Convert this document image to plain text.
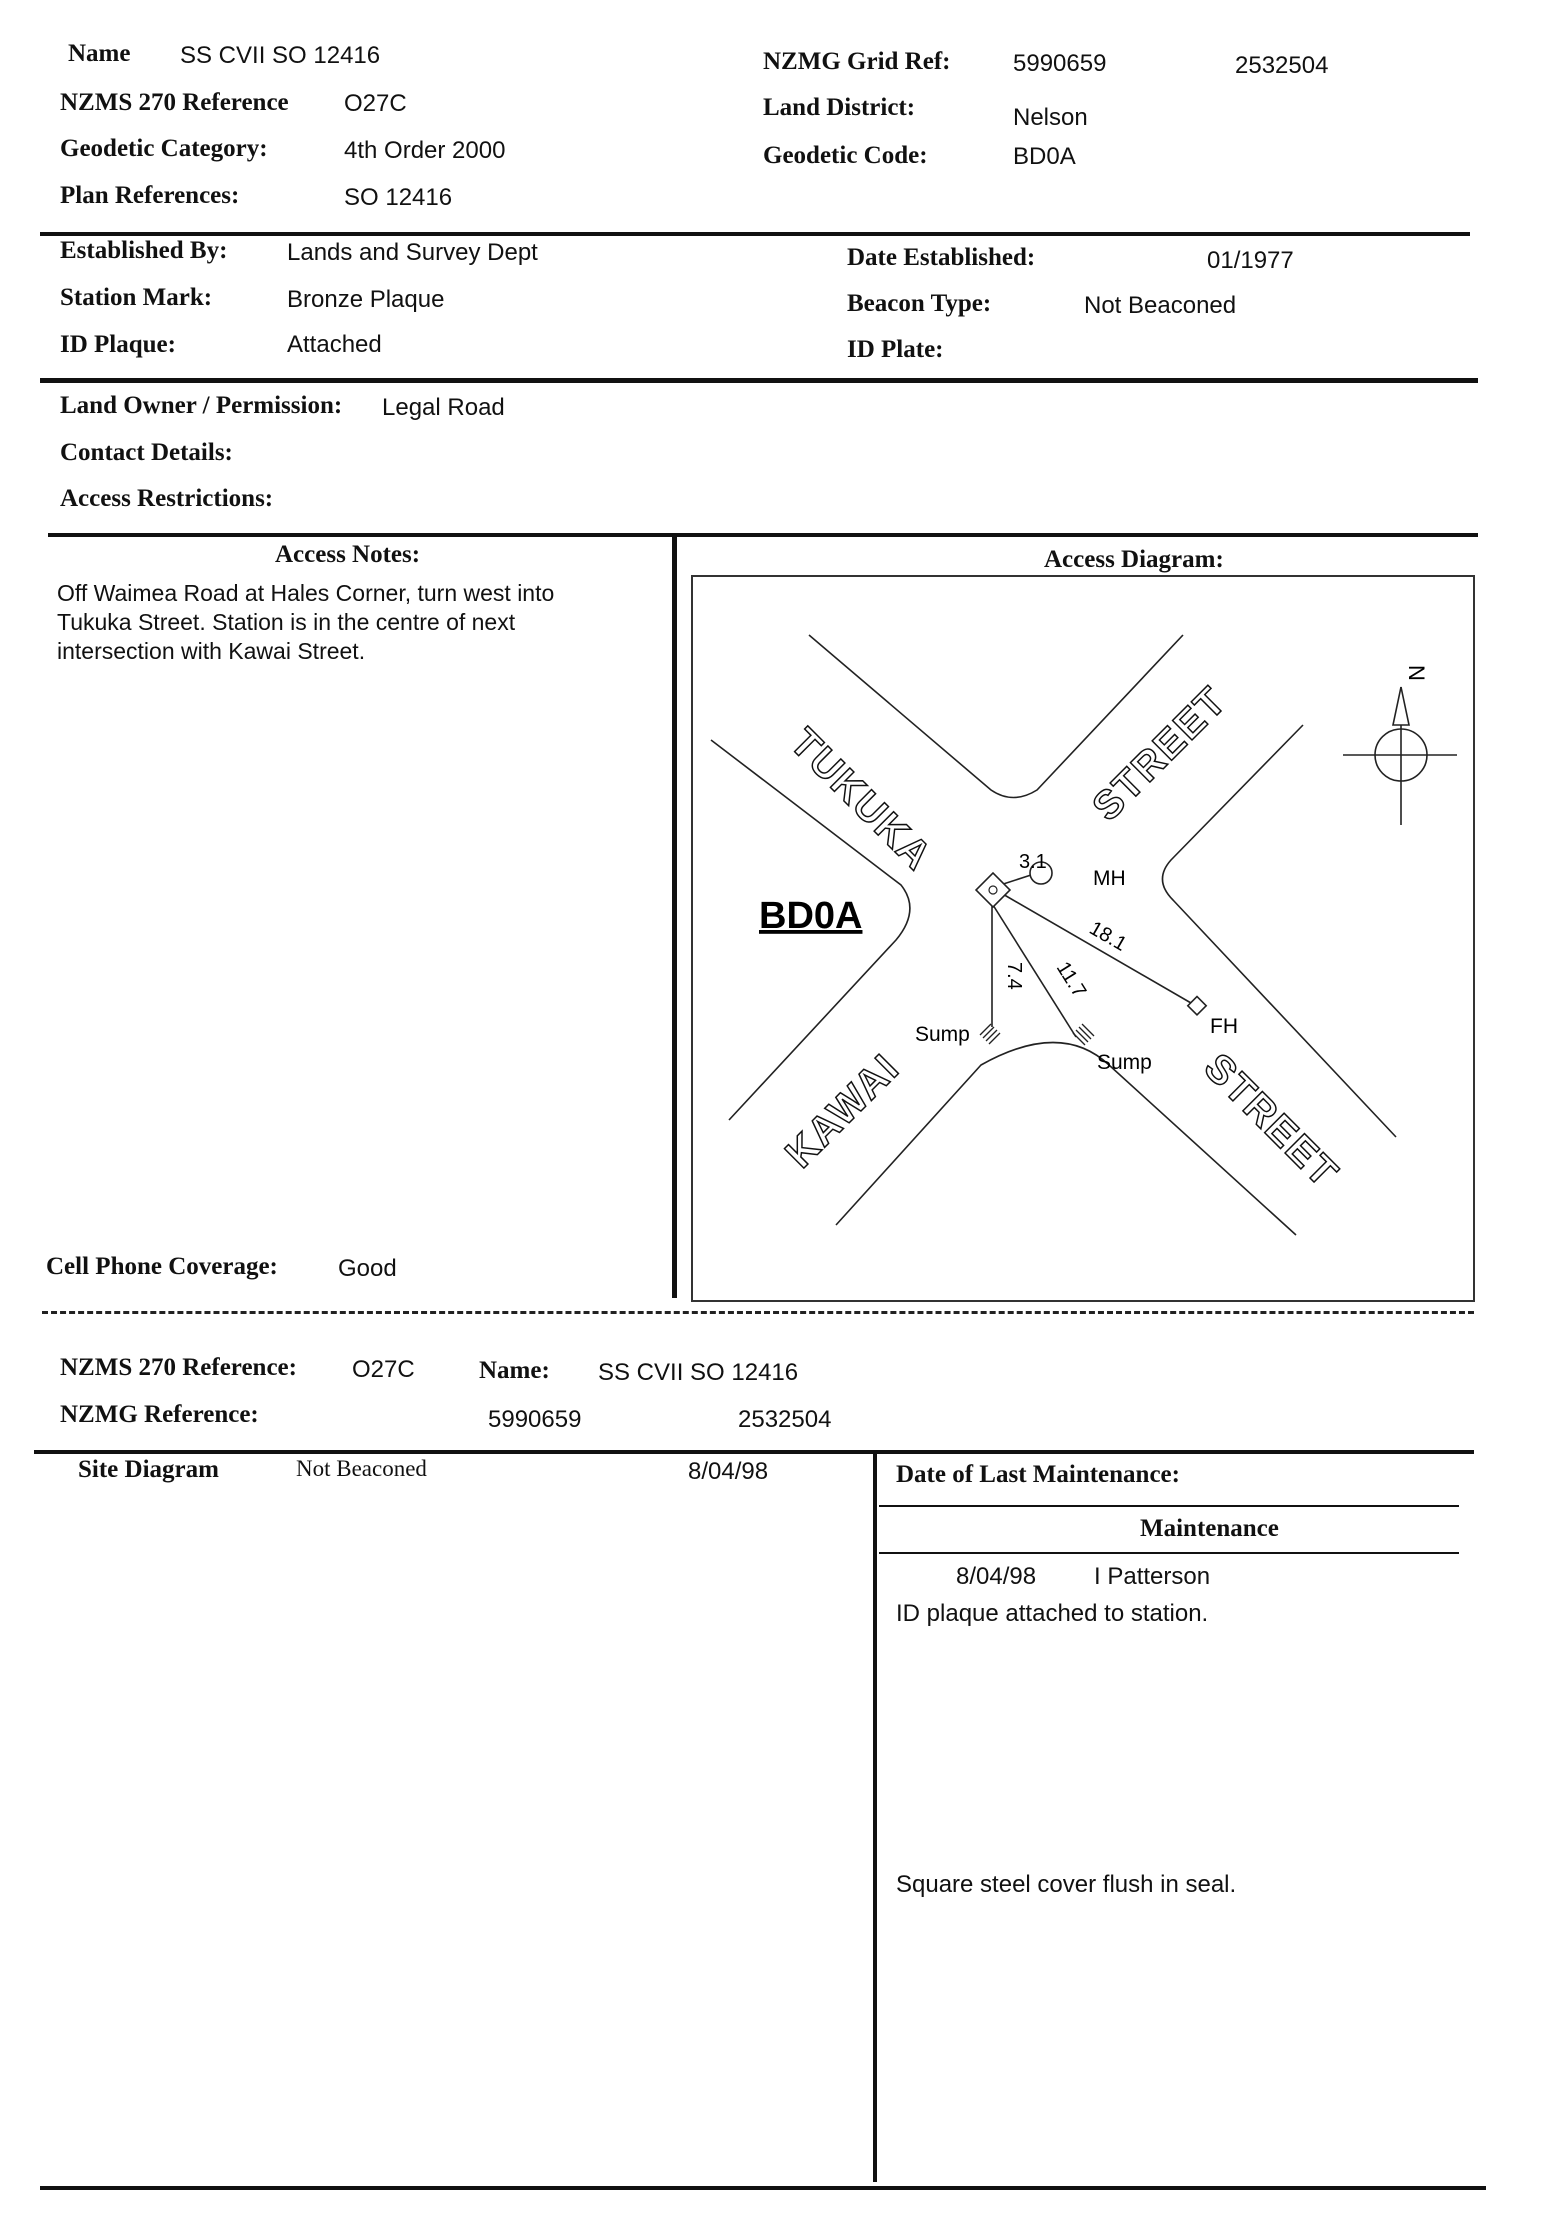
Name SS CVII SO 12416
NZMS 270 Reference O27C
Geodetic Category:	4th Order 2000
Plan References:	SO 12416
NZMG Grid Ref:	5990659	2532504
Land District:	Nelson
Geodetic Code:	BD0A
Established By: Lands and Survey Dept
Station Mark:	Bronze Plaque
ID Plaque:	Attached
Date Established:	01/1977
Beacon Type:	Not Beaconed
ID Plate:
Land Owner / Permission: Legal Road
Contact Details:
Access Restrictions:
Access Notes:
Off Waimea Road at Hales Corner, turn west into
Tukuka Street. Station is in the centre of next
intersection with Kawai Street.
Cell Phone Coverage:	Good
Access Diagram:
N
TUKUKA	STREET
KAWAI	STREET
BD0A
MH
FH
Sump
Sump
3.1
18.1
7.4 11.7
NZMS 270 Reference: O27C	Name: SS CVII SO 12416
NZMG Reference:	5990659	2532504
Site Diagram	Not Beaconed	8/04/98	Date of Last Maintenance:
Maintenance
8/04/98 I Patterson
ID plaque attached to station.
Square steel cover flush in seal.
